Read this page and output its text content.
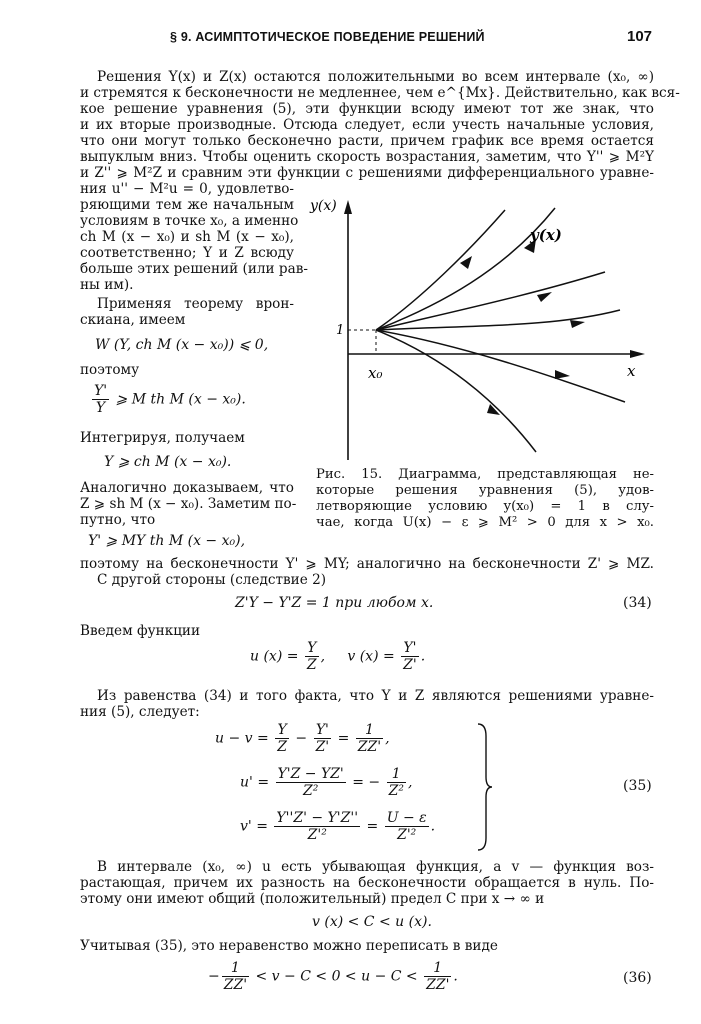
§ 9. АСИМПТОТИЧЕСКОЕ ПОВЕДЕНИЕ РЕШЕНИЙ	107
Решения Y(x) и Z(x) остаются положительными во всем интервале (x₀, ∞)
и стремятся к бесконечности не медленнее, чем e^{Mx}. Действительно, как вся-
кое решение уравнения (5), эти функции всюду имеют тот же знак, что
и их вторые производные. Отсюда следует, если учесть начальные условия,
что они могут только бесконечно расти, причем график все время остается
выпуклым вниз. Чтобы оценить скорость возрастания, заметим, что Y'' ⩾ M²Y
и Z'' ⩾ M²Z и сравним эти функции с решениями дифференциального уравне-
ния u'' − M²u = 0, удовлетво-
ряющими тем же начальным
условиям в точке x₀, а именно
ch M (x − x₀) и sh M (x − x₀),
соответственно; Y и Z всюду
больше этих решений (или рав-
ны им).
Применяя теорему врон-
скиана, имеем
W (Y, ch M (x − x₀)) ⩽ 0,
поэтому
$\frac{Y'}{Y}$ ⩾ M th M (x − x₀).
Интегрируя, получаем
Y ⩾ ch M (x − x₀).
Аналогично доказываем, что
Z ⩾ sh M (x − x₀). Заметим по-
путно, что
Y' ⩾ MY th M (x − x₀),
y(x)
x
x₀
1
y(x)
Рис. 15. Диаграмма, представляющая не-
которые решения уравнения (5), удов-
летворяющие условию y(x₀) = 1 в слу-
чае, когда U(x) − ε ⩾ M² > 0 для x > x₀.
поэтому на бесконечности Y' ⩾ MY; аналогично на бесконечности Z' ⩾ MZ.
С другой стороны (следствие 2)
Z'Y − Y'Z = 1 при любом x.	(34)
Введем функции
u $(x) = \frac{Y}{Z}$ ,     v $(x) = \frac{Y'}{Z'}$ .
Из равенства (34) и того факта, что Y и Z являются решениями уравне-
ния (5), следует:
$u - v = \frac{Y}{Z} - \frac{Y'}{Z'} = \frac{1}{ZZ'}$ ,
$u' = \frac{Y'Z - YZ'}{\text{Z²}}$ = − $\frac{1}{\text{Z²}}$ ,
$v' = \frac{Y''Z' - Y'Z''}{\text{Z'²}} = \frac{U - \varepsilon}{\text{Z'²}}$ .
(35)
В интервале (x₀, ∞) u есть убывающая функция, а v — функция воз-
растающая, причем их разность на бесконечности обращается в нуль. По-
этому они имеют общий (положительный) предел C при x → ∞ и
v (x) < C < u (x).
Учитывая (35), это неравенство можно переписать в виде
− $\frac{1}{ZZ'} < v - C < 0 < u - C < \frac{1}{ZZ'}$ .	(36)
